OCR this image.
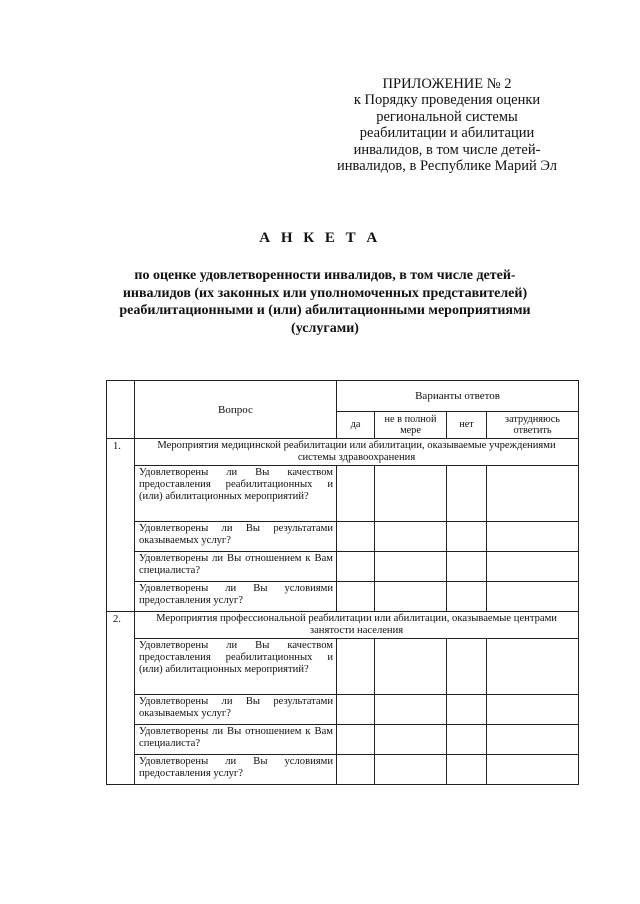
ПРИЛОЖЕНИЕ № 2
к Порядку проведения оценки
региональной системы
реабилитации и абилитации
инвалидов, в том числе детей-
инвалидов, в Республике Марий Эл
А Н К Е Т А
по оценке удовлетворенности инвалидов, в том числе детей-
инвалидов (их законных или уполномоченных представителей)
реабилитационными и (или) абилитационными мероприятиями
(услугами)
	Вопрос	Варианты ответов			
		да	не в полной мере	нет	затрудняюсь ответить
1.	Мероприятия медицинской реабилитации или абилитации, оказываемые учреждениями системы здравоохранения				
	Удовлетворены ли Вы качеством предоставления реабилитационных и (или) абилитационных мероприятий?				
	Удовлетворены ли Вы результатами оказываемых услуг?				
	Удовлетворены ли Вы отношением к Вам специалиста?				
	Удовлетворены ли Вы условиями предоставления услуг?				
2.	Мероприятия профессиональной реабилитации или абилитации, оказываемые центрами занятости населения				
	Удовлетворены ли Вы качеством предоставления реабилитационных и (или) абилитационных мероприятий?				
	Удовлетворены ли Вы результатами оказываемых услуг?				
	Удовлетворены ли Вы отношением к Вам специалиста?				
	Удовлетворены ли Вы условиями предоставления услуг?				
